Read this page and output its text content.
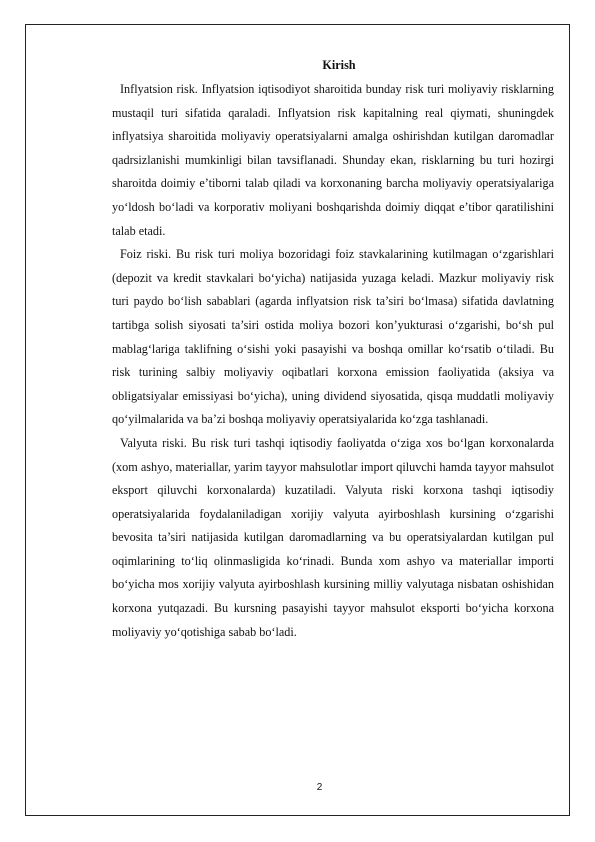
Kirish

Inflyatsion risk. Inflyatsion iqtisodiyot sharoitida bunday risk turi moliyaviy risklarning mustaqil turi sifatida qaraladi. Inflyatsion risk kapitalning real qiymati, shuningdek inflyatsiya sharoitida moliyaviy operatsiyalarni amalga oshirishdan kutilgan daromadlar qadrsizlanishi mumkinligi bilan tavsiflanadi. Shunday ekan, risklarning bu turi hozirgi sharoitda doimiy e’tiborni talab qiladi va korxonaning barcha moliyaviy operatsiyalariga yo‘ldosh bo‘ladi va korporativ moliyani boshqarishda doimiy diqqat e’tibor qaratilishini talab etadi.

Foiz riski. Bu risk turi moliya bozoridagi foiz stavkalarining kutilmagan o‘zgarishlari (depozit va kredit stavkalari bo‘yicha) natijasida yuzaga keladi. Mazkur moliyaviy risk turi paydo bo‘lish sabablari (agarda inflyatsion risk ta’siri bo‘lmasa) sifatida davlatning tartibga solish siyosati ta’siri ostida moliya bozori kon’yukturasi o‘zgarishi, bo‘sh pul mablag‘lariga taklifning o‘sishi yoki pasayishi va boshqa omillar ko‘rsatib o‘tiladi. Bu risk turining salbiy moliyaviy oqibatlari korxona emission faoliyatida (aksiya va obligatsiyalar emissiyasi bo‘yicha), uning dividend siyosatida, qisqa muddatli moliyaviy qo‘yilmalarida va ba’zi boshqa moliyaviy operatsiyalarida ko‘zga tashlanadi.

Valyuta riski. Bu risk turi tashqi iqtisodiy faoliyatda o‘ziga xos bo‘lgan korxonalarda (xom ashyo, materiallar, yarim tayyor mahsulotlar import qiluvchi hamda tayyor mahsulot eksport qiluvchi korxonalarda) kuzatiladi. Valyuta riski korxona tashqi iqtisodiy operatsiyalarida foydalaniladigan xorijiy valyuta ayirboshlash kursining o‘zgarishi bevosita ta’siri natijasida kutilgan daromadlarning va bu operatsiyalardan kutilgan pul oqimlarining to‘liq olinmasligida ko‘rinadi. Bunda xom ashyo va materiallar importi bo‘yicha mos xorijiy valyuta ayirboshlash kursining milliy valyutaga nisbatan oshishidan korxona yutqazadi. Bu kursning pasayishi tayyor mahsulot eksporti bo‘yicha korxona moliyaviy yo‘qotishiga sabab bo‘ladi.

2
